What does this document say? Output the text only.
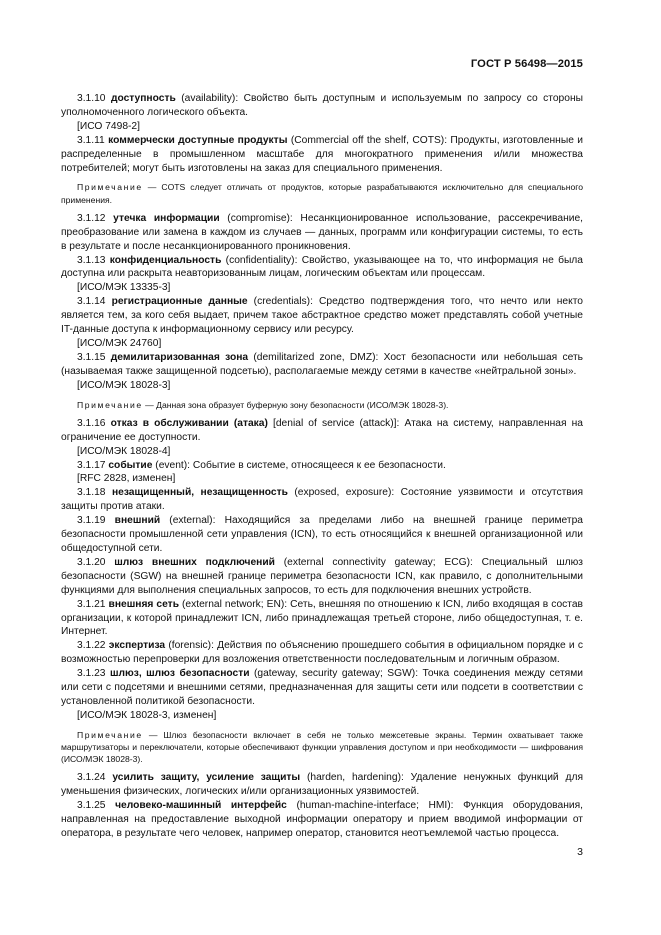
ГОСТ Р 56498—2015

3.1.10 доступность (availability): Свойство быть доступным и используемым по запросу со стороны уполномоченного логического объекта.

[ИСО 7498-2]

3.1.11 коммерчески доступные продукты (Commercial off the shelf, COTS): Продукты, изготовленные и распределенные в промышленном масштабе для многократного применения и/или множества потребителей; могут быть изготовлены на заказ для специального применения.

Примечание — COTS следует отличать от продуктов, которые разрабатываются исключительно для специального применения.

3.1.12 утечка информации (compromise): Несанкционированное использование, рассекречивание, преобразование или замена в каждом из случаев — данных, программ или конфигурации системы, то есть в результате и после несанкционированного проникновения.

3.1.13 конфиденциальность (confidentiality): Свойство, указывающее на то, что информация не была доступна или раскрыта неавторизованным лицам, логическим объектам или процессам.

[ИСО/МЭК 13335-3]

3.1.14 регистрационные данные (credentials): Средство подтверждения того, что нечто или некто является тем, за кого себя выдает, причем такое абстрактное средство может представлять собой учетные IT-данные доступа к информационному сервису или ресурсу.

[ИСО/МЭК 24760]

3.1.15 демилитаризованная зона (demilitarized zone, DMZ): Хост безопасности или небольшая сеть (называемая также защищенной подсетью), располагаемые между сетями в качестве «нейтральной зоны».

[ИСО/МЭК 18028-3]

Примечание — Данная зона образует буферную зону безопасности (ИСО/МЭК 18028-3).

3.1.16 отказ в обслуживании (атака) [denial of service (attack)]: Атака на систему, направленная на ограничение ее доступности.

[ИСО/МЭК 18028-4]

3.1.17 событие (event): Событие в системе, относящееся к ее безопасности.

[RFC 2828, изменен]

3.1.18 незащищенный, незащищенность (exposed, exposure): Состояние уязвимости и отсутствия защиты против атаки.

3.1.19 внешний (external): Находящийся за пределами либо на внешней границе периметра безопасности промышленной сети управления (ICN), то есть относящийся к внешней организационной или общедоступной сети.

3.1.20 шлюз внешних подключений (external connectivity gateway; ECG): Специальный шлюз безопасности (SGW) на внешней границе периметра безопасности ICN, как правило, с дополнительными функциями для выполнения специальных запросов, то есть для подключения внешних устройств.

3.1.21 внешняя сеть (external network; EN): Сеть, внешняя по отношению к ICN, либо входящая в состав организации, к которой принадлежит ICN, либо принадлежащая третьей стороне, либо общедоступная, т. е. Интернет.

3.1.22 экспертиза (forensic): Действия по объяснению прошедшего события в официальном порядке и с возможностью перепроверки для возложения ответственности последовательным и логичным образом.

3.1.23 шлюз, шлюз безопасности (gateway, security gateway; SGW): Точка соединения между сетями или сети с подсетями и внешними сетями, предназначенная для защиты сети или подсети в соответствии с установленной политикой безопасности.

[ИСО/МЭК 18028-3, изменен]

Примечание — Шлюз безопасности включает в себя не только межсетевые экраны. Термин охватывает также маршрутизаторы и переключатели, которые обеспечивают функции управления доступом и при необходимости — шифрования (ИСО/МЭК 18028-3).

3.1.24 усилить защиту, усиление защиты (harden, hardening): Удаление ненужных функций для уменьшения физических, логических и/или организационных уязвимостей.

3.1.25 человеко-машинный интерфейс (human-machine-interface; HMI): Функция оборудования, направленная на предоставление выходной информации оператору и прием вводимой информации от оператора, в результате чего человек, например оператор, становится неотъемлемой частью процесса.

3
